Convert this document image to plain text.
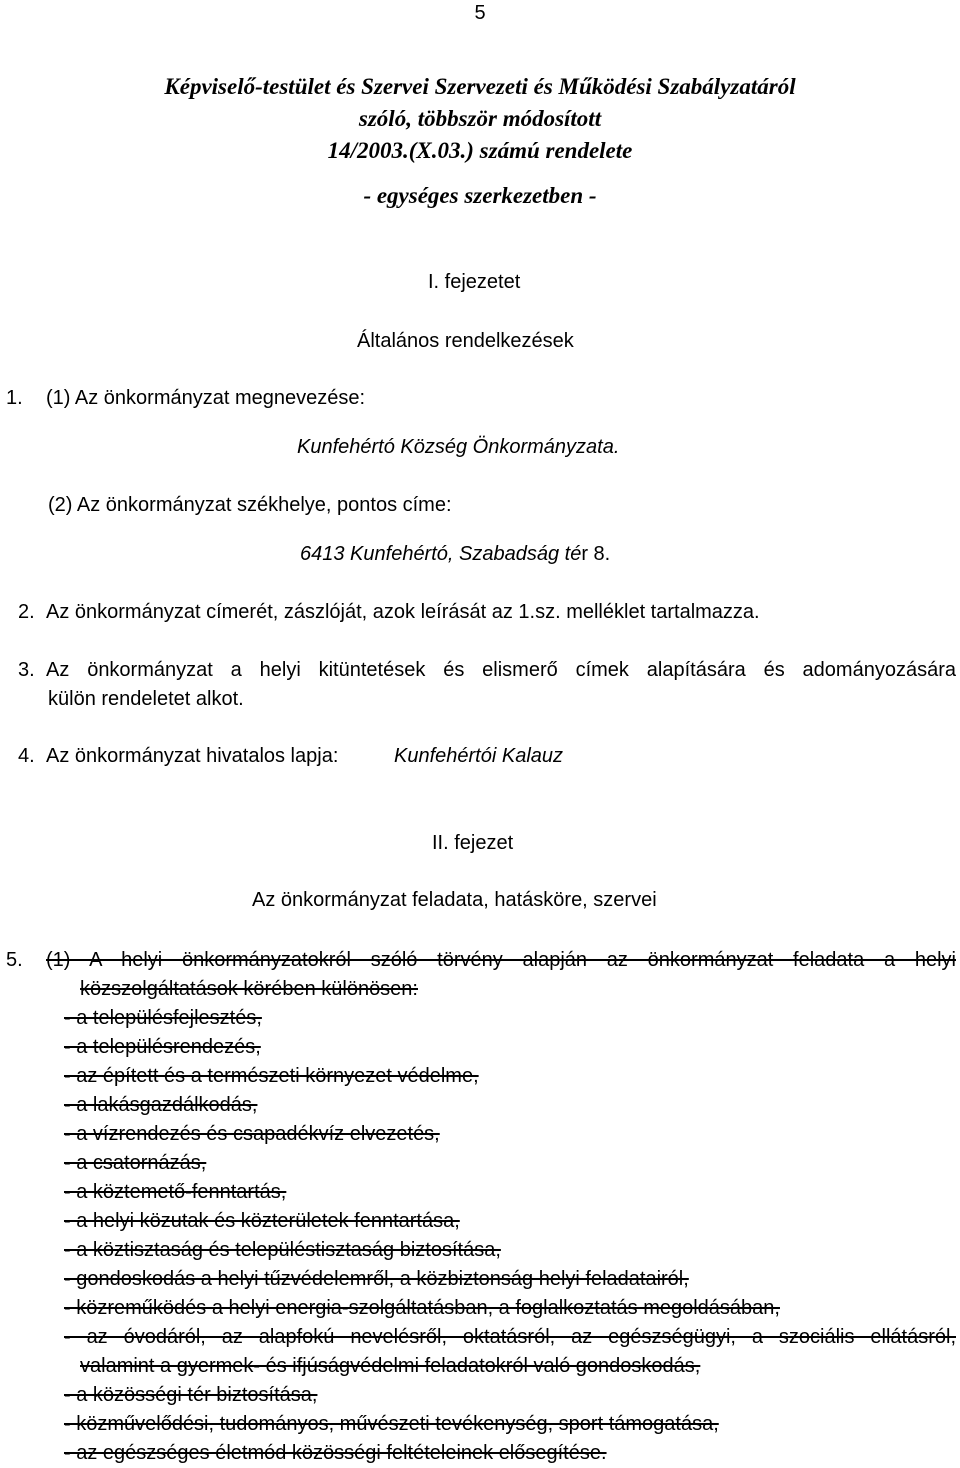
5
Képviselő-testület és Szervei Szervezeti és Működési Szabályzatáról
szóló, többször módosított
14/2003.(X.03.) számú rendelete
- egységes szerkezetben -
I. fejezetet
Általános rendelkezések
1. (1) Az önkormányzat megnevezése:
Kunfehértó Község Önkormányzata.
(2) Az önkormányzat székhelye, pontos címe:
6413 Kunfehértó, Szabadság tér 8.
2. Az önkormányzat címerét, zászlóját, azok leírását az 1.sz. melléklet tartalmazza.
3. Az önkormányzat a helyi kitüntetések és elismerő címek alapítására és adományozására
külön rendeletet alkot.
4. Az önkormányzat hivatalos lapja:	Kunfehértói Kalauz
II. fejezet
Az önkormányzat feladata, hatásköre, szervei
5. (1) A helyi önkormányzatokról szóló törvény alapján az önkormányzat feladata a helyi
közszolgáltatások körében különösen:
- a településfejlesztés,
- a településrendezés,
- az épített és a természeti környezet védelme,
- a lakásgazdálkodás,
- a vízrendezés és csapadékvíz elvezetés,
- a csatornázás,
- a köztemető-fenntartás,
- a helyi közutak és közterületek fenntartása,
- a köztisztaság és településtisztaság biztosítása,
- gondoskodás a helyi tűzvédelemről, a közbiztonság helyi feladatairól,
- közreműködés a helyi energia-szolgáltatásban, a foglalkoztatás megoldásában,
- az óvodáról, az alapfokú nevelésről, oktatásról, az egészségügyi, a szociális ellátásról,
valamint a gyermek- és ifjúságvédelmi feladatokról való gondoskodás,
- a közösségi tér biztosítása,
- közművelődési, tudományos, művészeti tevékenység, sport támogatása,
- az egészséges életmód közösségi feltételeinek elősegítése.
